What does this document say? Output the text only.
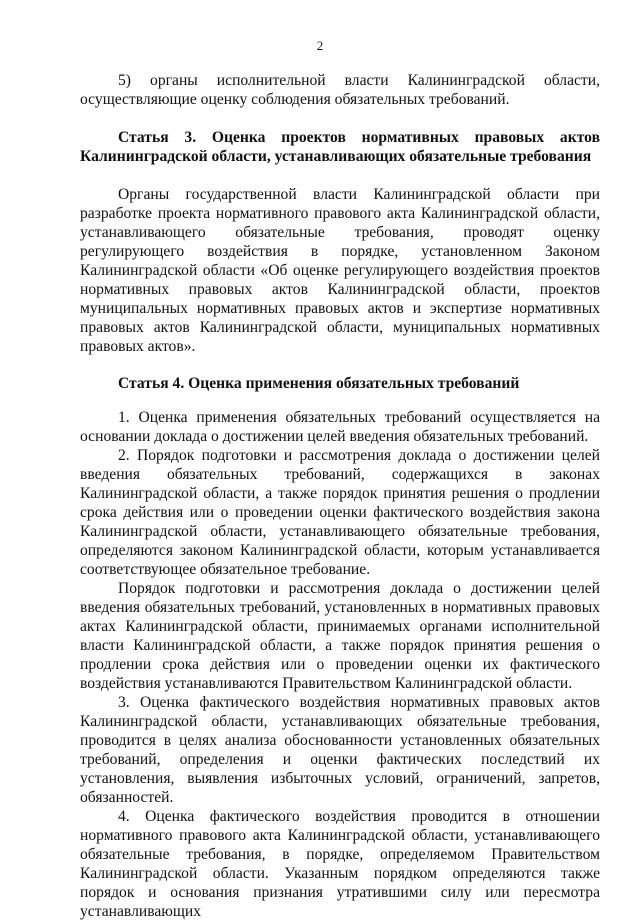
2

5) органы исполнительной власти Калининградской области, осуществляющие оценку соблюдения обязательных требований.

Статья 3. Оценка проектов нормативных правовых актов Калининградской области, устанавливающих обязательные требования

Органы государственной власти Калининградской области при разработке проекта нормативного правового акта Калининградской области, устанавливающего обязательные требования, проводят оценку регулирующего воздействия в порядке, установленном Законом Калининградской области «Об оценке регулирующего воздействия проектов нормативных правовых актов Калининградской области, проектов муниципальных нормативных правовых актов и экспертизе нормативных правовых актов Калининградской области, муниципальных нормативных правовых актов».

Статья 4. Оценка применения обязательных требований

1. Оценка применения обязательных требований осуществляется на основании доклада о достижении целей введения обязательных требований.

2. Порядок подготовки и рассмотрения доклада о достижении целей введения обязательных требований, содержащихся в законах Калининградской области, а также порядок принятия решения о продлении срока действия или о проведении оценки фактического воздействия закона Калининградской области, устанавливающего обязательные требования, определяются законом Калининградской области, которым устанавливается соответствующее обязательное требование.

Порядок подготовки и рассмотрения доклада о достижении целей введения обязательных требований, установленных в нормативных правовых актах Калининградской области, принимаемых органами исполнительной власти Калининградской области, а также порядок принятия решения о продлении срока действия или о проведении оценки их фактического воздействия устанавливаются Правительством Калининградской области.

3. Оценка фактического воздействия нормативных правовых актов Калининградской области, устанавливающих обязательные требования, проводится в целях анализа обоснованности установленных обязательных требований, определения и оценки фактических последствий их установления, выявления избыточных условий, ограничений, запретов, обязанностей.

4. Оценка фактического воздействия проводится в отношении нормативного правового акта Калининградской области, устанавливающего обязательные требования, в порядке, определяемом Правительством Калининградской области. Указанным порядком определяются также порядок и основания признания утратившими силу или пересмотра устанавливающих
